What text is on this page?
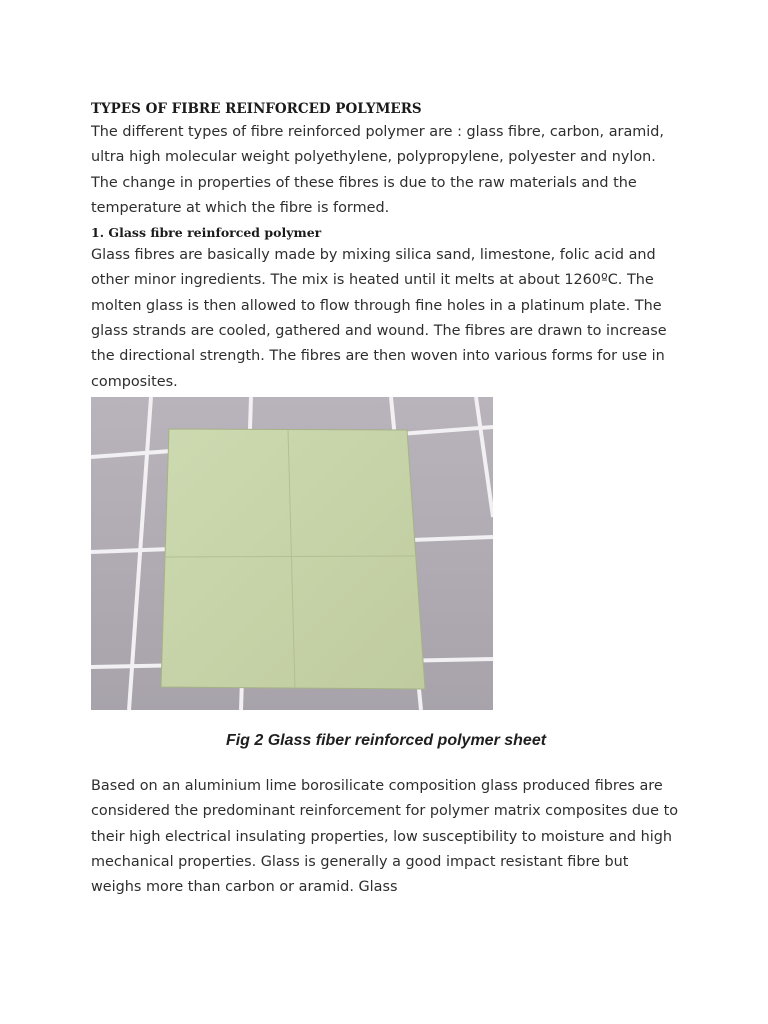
TYPES OF FIBRE REINFORCED POLYMERS

The different types of fibre reinforced polymer are : glass fibre, carbon, aramid, ultra high molecular weight polyethylene, polypropylene, polyester and nylon. The change in properties of these fibres is due to the raw materials and the temperature at which the fibre is formed.

1. Glass fibre reinforced polymer

Glass fibres are basically made by mixing silica sand, limestone, folic acid and other minor ingredients. The mix is heated until it melts at about 1260ºC. The molten glass is then allowed to flow through fine holes in a platinum plate. The glass strands are cooled, gathered and wound. The fibres are drawn to increase the directional strength. The fibres are then woven into various forms for use in composites.

Fig 2 Glass fiber reinforced polymer sheet

Based on an aluminium lime borosilicate composition glass produced fibres are considered the predominant reinforcement for polymer matrix composites due to their high electrical insulating properties, low susceptibility to moisture and high mechanical properties. Glass is generally a good impact resistant fibre but weighs more than carbon or aramid. Glass
